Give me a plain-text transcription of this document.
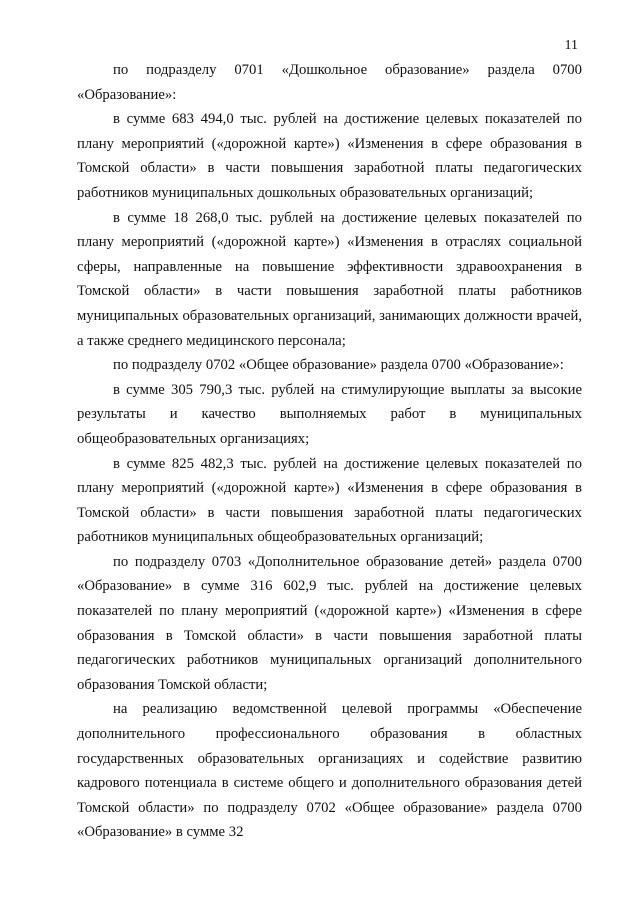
11

по подразделу 0701 «Дошкольное образование» раздела 0700 «Образование»:

в сумме 683 494,0 тыс. рублей на достижение целевых показателей по плану мероприятий («дорожной карте») «Изменения в сфере образования в Томской области» в части повышения заработной платы педагогических работников муниципальных дошкольных образовательных организаций;

в сумме 18 268,0 тыс. рублей на достижение целевых показателей по плану мероприятий («дорожной карте») «Изменения в отраслях социальной сферы, направленные на повышение эффективности здравоохранения в Томской области» в части повышения заработной платы работников муниципальных образовательных организаций, занимающих должности врачей, а также среднего медицинского персонала;

по подразделу 0702 «Общее образование» раздела 0700 «Образование»:

в сумме 305 790,3 тыс. рублей на стимулирующие выплаты за высокие результаты и качество выполняемых работ в муниципальных общеобразовательных организациях;

в сумме 825 482,3 тыс. рублей на достижение целевых показателей по плану мероприятий («дорожной карте») «Изменения в сфере образования в Томской области» в части повышения заработной платы педагогических работников муниципальных общеобразовательных организаций;

по подразделу 0703 «Дополнительное образование детей» раздела 0700 «Образование» в сумме 316 602,9 тыс. рублей на достижение целевых показателей по плану мероприятий («дорожной карте») «Изменения в сфере образования в Томской области» в части повышения заработной платы педагогических работников муниципальных организаций дополнительного образования Томской области;

на реализацию ведомственной целевой программы «Обеспечение дополнительного профессионального образования в областных государственных образовательных организациях и содействие развитию кадрового потенциала в системе общего и дополнительного образования детей Томской области» по подразделу 0702 «Общее образование» раздела 0700 «Образование» в сумме 32
